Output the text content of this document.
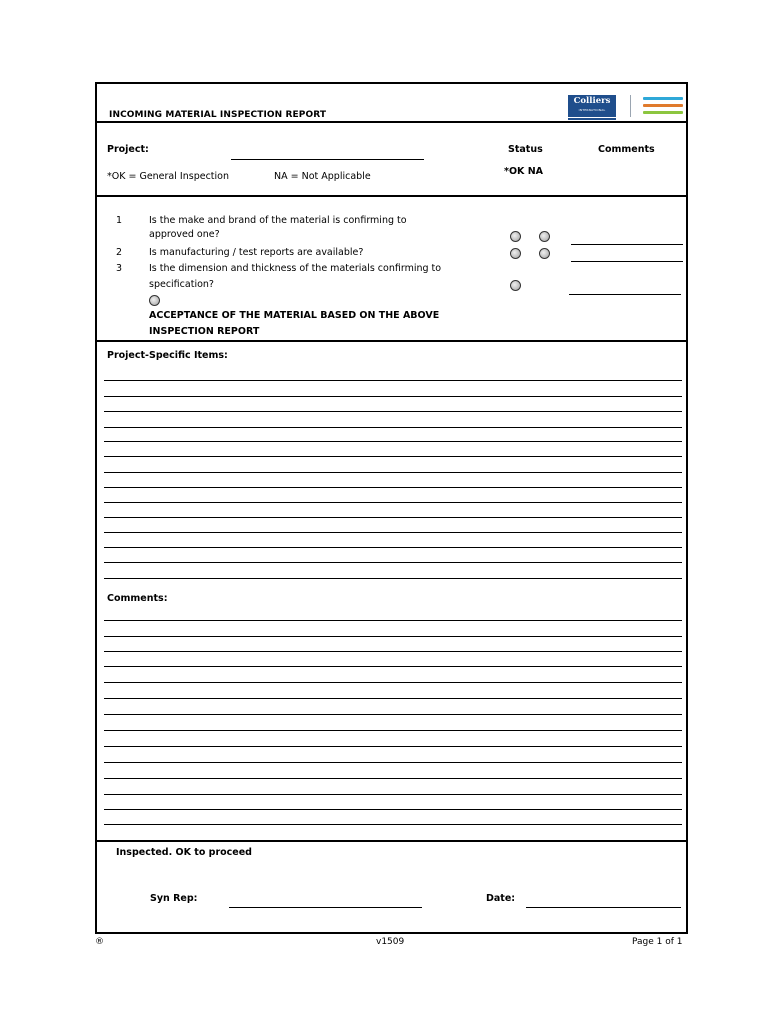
INCOMING MATERIAL INSPECTION REPORT
Colliers
INTERNATIONAL
Project:	Status	Comments
*OK = General Inspection	NA = Not Applicable	*OK NA
1	Is the make and brand of the material is confirming to
approved one?
2	Is manufacturing / test reports are available?
3	Is the dimension and thickness of the materials confirming to
specification?
ACCEPTANCE OF THE MATERIAL BASED ON THE ABOVE
INSPECTION REPORT
Project-Specific Items:
Comments:
Inspected. OK to proceed
Syn Rep:	Date:
®	v1509	Page 1 of 1
